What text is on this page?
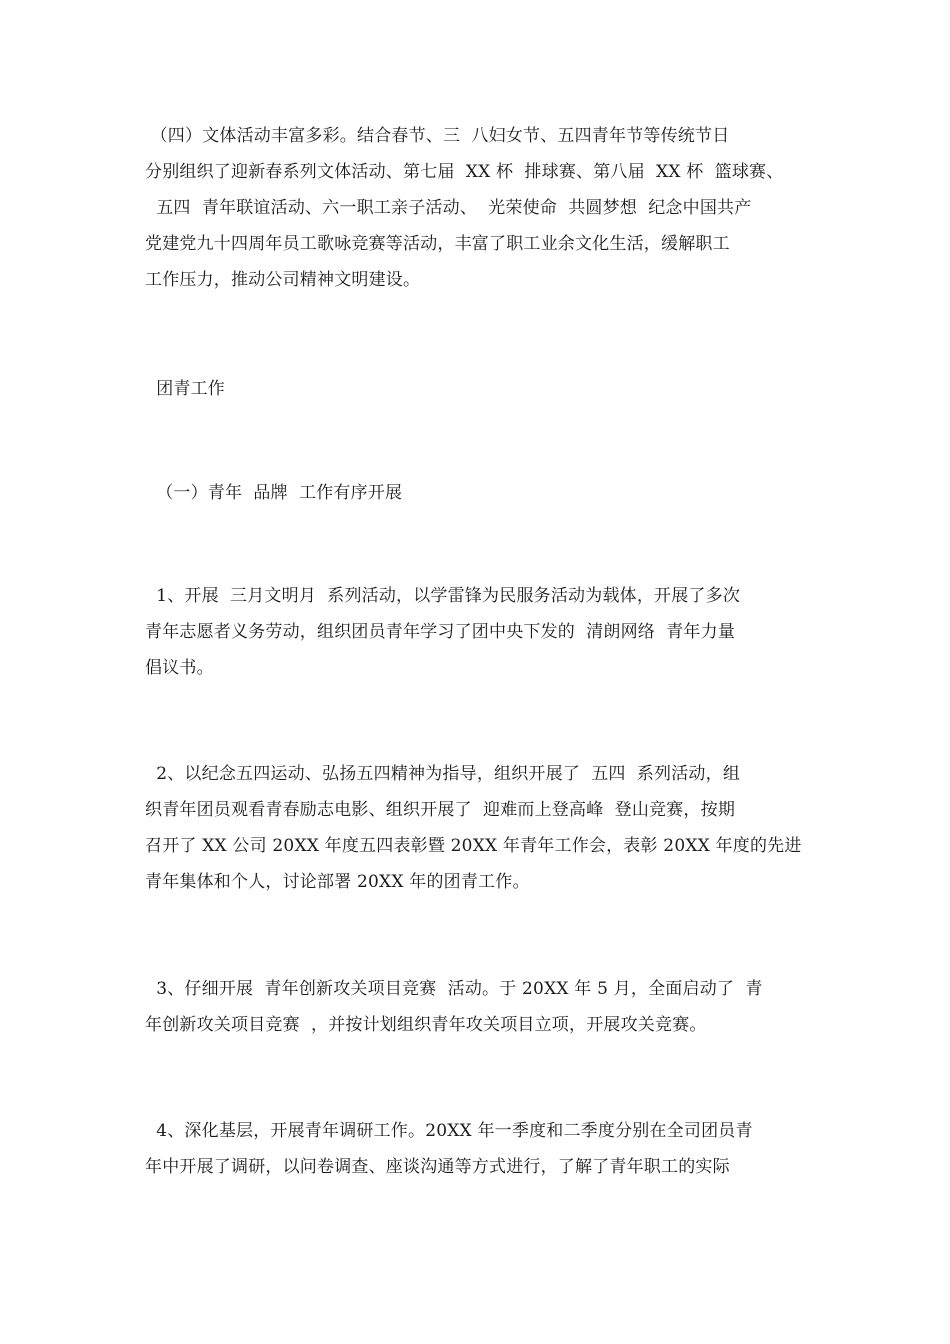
（四）文体活动丰富多彩。结合春节、三  八妇女节、五四青年节等传统节日
分别组织了迎新春系列文体活动、第七届  XX 杯  排球赛、第八届  XX 杯  篮球赛、
五四  青年联谊活动、六一职工亲子活动、  光荣使命  共圆梦想  纪念中国共产
党建党九十四周年员工歌咏竞赛等活动，丰富了职工业余文化生活，缓解职工
工作压力，推动公司精神文明建设。
团青工作
（一）青年  品牌  工作有序开展
1、开展  三月文明月  系列活动，以学雷锋为民服务活动为载体，开展了多次
青年志愿者义务劳动，组织团员青年学习了团中央下发的  清朗网络  青年力量
倡议书。
2、以纪念五四运动、弘扬五四精神为指导，组织开展了  五四  系列活动，组
织青年团员观看青春励志电影、组织开展了  迎难而上登高峰  登山竞赛，按期
召开了 XX 公司 20XX 年度五四表彰暨 20XX 年青年工作会，表彰 20XX 年度的先进
青年集体和个人，讨论部署 20XX 年的团青工作。
3、仔细开展  青年创新攻关项目竞赛  活动。于 20XX 年 5 月，全面启动了  青
年创新攻关项目竞赛  ，并按计划组织青年攻关项目立项，开展攻关竞赛。
4、深化基层，开展青年调研工作。20XX 年一季度和二季度分别在全司团员青
年中开展了调研，以问卷调查、座谈沟通等方式进行，了解了青年职工的实际
